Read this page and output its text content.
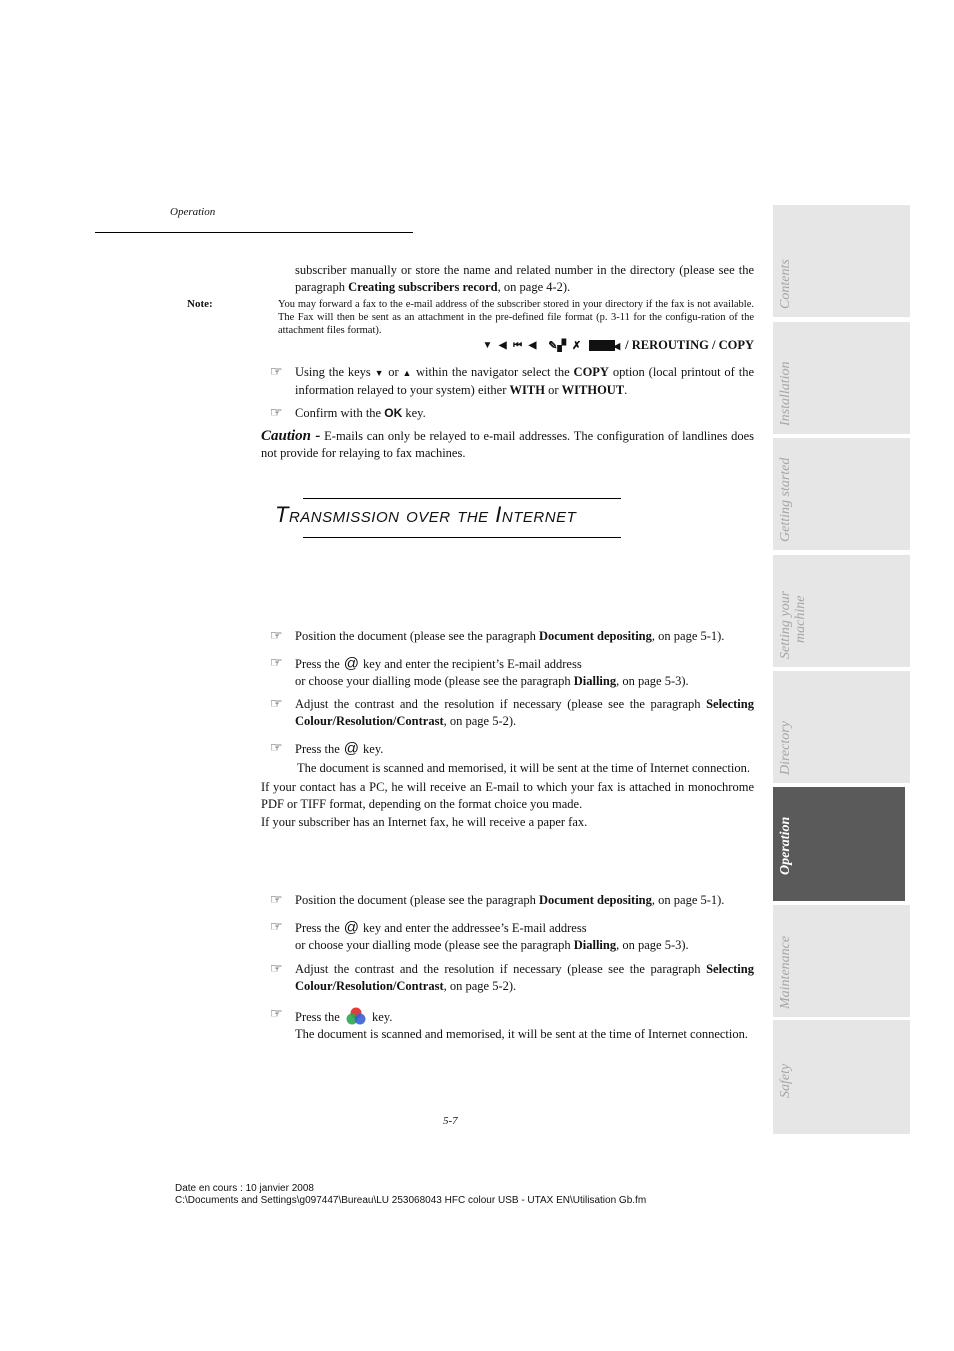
Operation
subscriber manually or store the name and related number in the directory (please see the paragraph Creating subscribers record, on page 4-2).
Note:	You may forward a fax to the e-mail address of the subscriber stored in your directory if the fax is not available. The Fax will then be sent as an attachment in the pre-defined file format (p. 3-11 for the configu-ration of the attachment files format).
▼ ◀ ⏮ ◀ ✎▞ ✗	◀ / REROUTING / COPY
☞ Using the keys ▼ or ▲ within the navigator select the COPY option (local printout of the information relayed to your system) either WITH or WITHOUT.
☞ Confirm with the OK key.
Caution - E-mails can only be relayed to e-mail addresses. The configuration of landlines does not provide for relaying to fax machines.
Transmission over the Internet
☞ Position the document (please see the paragraph Document depositing, on page 5-1).
☞ Press the @ key and enter the recipient’s E-mail address
or choose your dialling mode (please see the paragraph Dialling, on page 5-3).
☞ Adjust the contrast and the resolution if necessary (please see the paragraph Selecting Colour/Resolution/Contrast, on page 5-2).
☞ Press the @ key.
The document is scanned and memorised, it will be sent at the time of Internet connection.
If your contact has a PC, he will receive an E-mail to which your fax is attached in monochrome PDF or TIFF format, depending on the format choice you made.
If your subscriber has an Internet fax, he will receive a paper fax.
☞ Position the document (please see the paragraph Document depositing, on page 5-1).
☞ Press the @ key and enter the addressee’s E-mail address
or choose your dialling mode (please see the paragraph Dialling, on page 5-3).
☞ Adjust the contrast and the resolution if necessary (please see the paragraph Selecting Colour/Resolution/Contrast, on page 5-2).
☞ Press the	key.
The document is scanned and memorised, it will be sent at the time of Internet connection.
5-7
Date en cours : 10 janvier 2008
C:\Documents and Settings\g097447\Bureau\LU 253068043 HFC colour USB - UTAX EN\Utilisation Gb.fm
Contents
Installation
Getting started
Setting your machine
Directory
Operation
Maintenance
Safety
